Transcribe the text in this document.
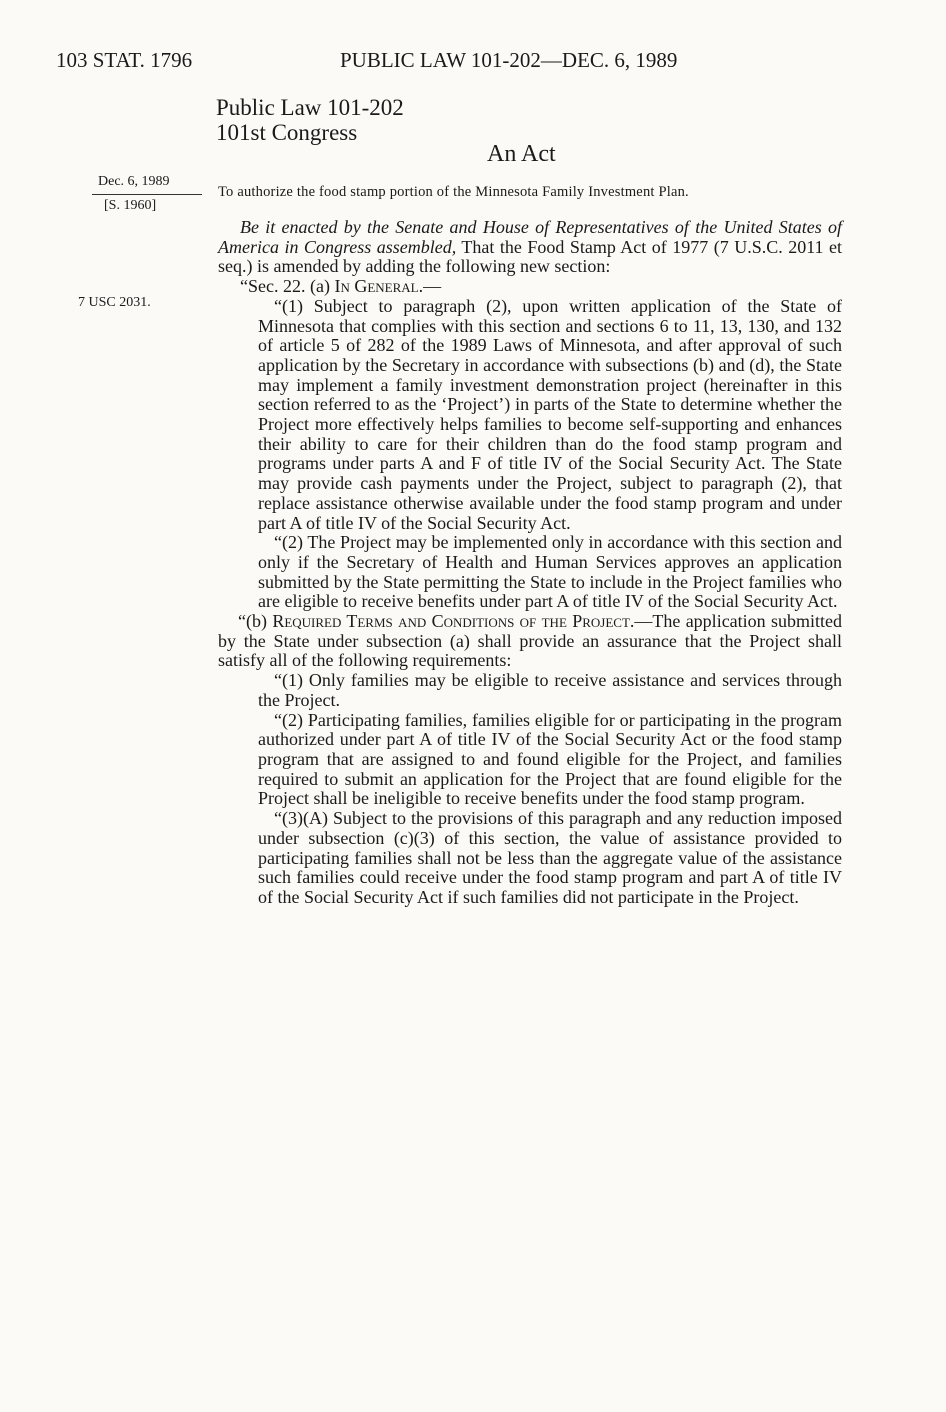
103 STAT. 1796	PUBLIC LAW 101-202—DEC. 6, 1989
Public Law 101-202
101st Congress
An Act
Dec. 6, 1989
[S. 1960]
7 USC 2031.
To authorize the food stamp portion of the Minnesota Family Investment Plan.

Be it enacted by the Senate and House of Representatives of the United States of America in Congress assembled, That the Food Stamp Act of 1977 (7 U.S.C. 2011 et seq.) is amended by adding the following new section:

“Sec. 22. (a) In General.—

“(1) Subject to paragraph (2), upon written application of the State of Minnesota that complies with this section and sections 6 to 11, 13, 130, and 132 of article 5 of 282 of the 1989 Laws of Minnesota, and after approval of such application by the Secretary in accordance with subsections (b) and (d), the State may implement a family investment demonstration project (hereinafter in this section referred to as the ‘Project’) in parts of the State to determine whether the Project more effectively helps families to become self-supporting and enhances their ability to care for their children than do the food stamp program and programs under parts A and F of title IV of the Social Security Act. The State may provide cash payments under the Project, subject to paragraph (2), that replace assistance otherwise available under the food stamp program and under part A of title IV of the Social Security Act.

“(2) The Project may be implemented only in accordance with this section and only if the Secretary of Health and Human Services approves an application submitted by the State permitting the State to include in the Project families who are eligible to receive benefits under part A of title IV of the Social Security Act.

“(b) Required Terms and Conditions of the Project.—The application submitted by the State under subsection (a) shall provide an assurance that the Project shall satisfy all of the following requirements:

“(1) Only families may be eligible to receive assistance and services through the Project.

“(2) Participating families, families eligible for or participating in the program authorized under part A of title IV of the Social Security Act or the food stamp program that are assigned to and found eligible for the Project, and families required to submit an application for the Project that are found eligible for the Project shall be ineligible to receive benefits under the food stamp program.

“(3)(A) Subject to the provisions of this paragraph and any reduction imposed under subsection (c)(3) of this section, the value of assistance provided to participating families shall not be less than the aggregate value of the assistance such families could receive under the food stamp program and part A of title IV of the Social Security Act if such families did not participate in the Project.
